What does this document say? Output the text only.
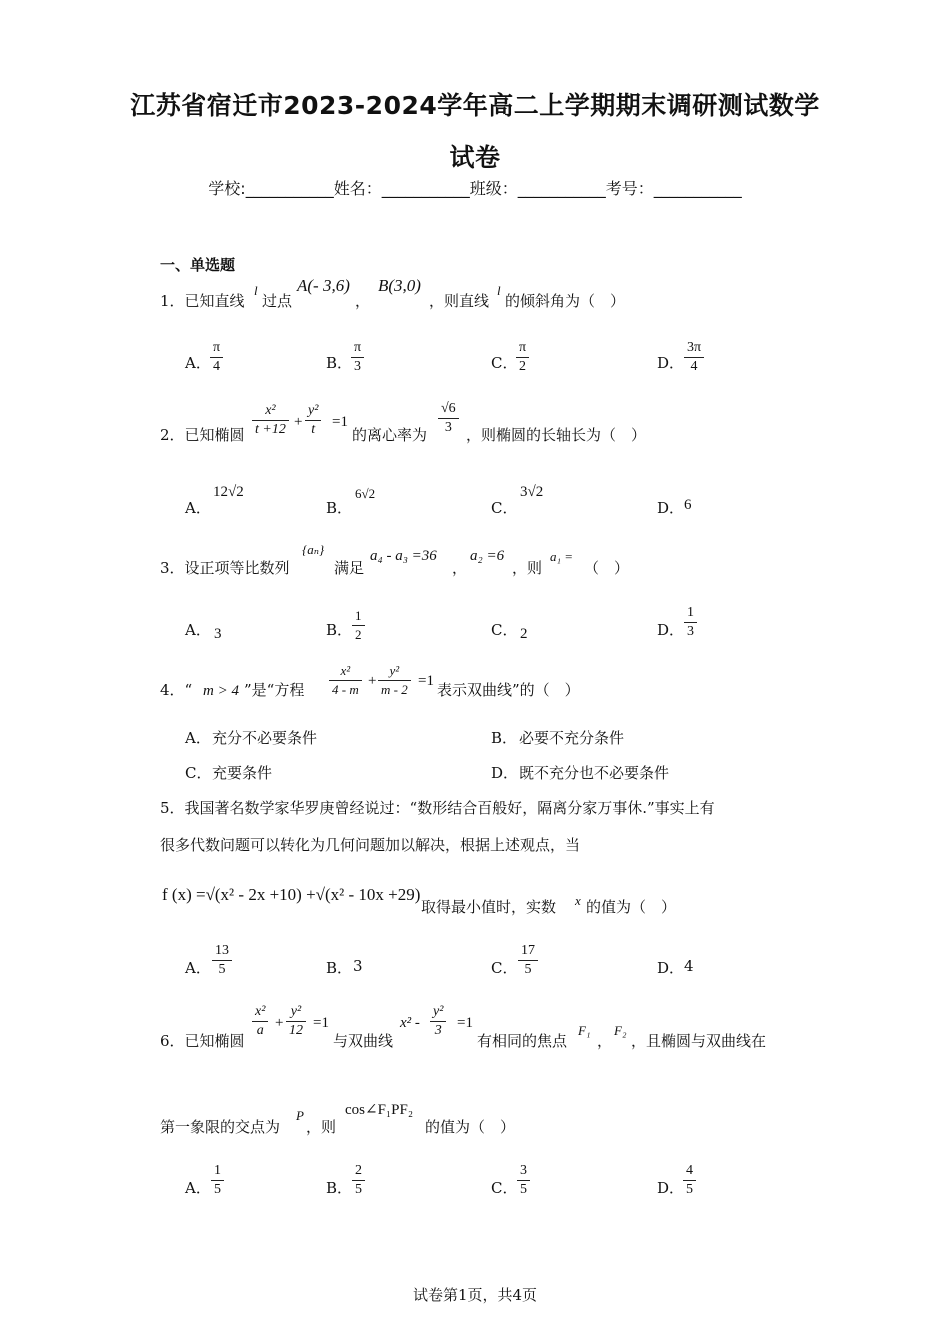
江苏省宿迁市2023-2024学年高二上学期期末调研测试数学
试卷
学校:___________姓名：___________班级：___________考号：___________
一、单选题
1．已知直线
l
过点
A(- 3,6)
，
B(3,0)
，则直线
l
的倾斜角为（　）
A． $\frac{\pi}{4}$	B．
$\frac{\pi}{3}$	C．
$\frac{\pi}{2}$	D． $\frac{3\pi}{4}$
2．已知椭圆 $\frac{\text{x²}}{t +12} + \frac{\text{y²}}{t} =1$
的离心率为 $\frac{√6}{3}$ ，则椭圆的长轴长为（　）
A．
12√2
B．
6√2
C．
3√2
D． 6
3．设正项等比数列
{aₙ}
满足
a₄ - a₃ =36
，
a₂ =6
，则
a₁ =
（　）
A． 3	B． $\frac{1}{2}$	C． 2	D． $\frac{1}{3}$
4．“ m > 4 ”是“方程 $\frac{\text{x²}}{4 - m} + \frac{\text{y²}}{m - 2} =1$ 表示双曲线”的（　）
A． 充分不必要条件	B． 必要不充分条件
C． 充要条件	D． 既不充分也不必要条件
5．我国著名数学家华罗庚曾经说过：“数形结合百般好，隔离分家万事休.”事实上有
很多代数问题可以转化为几何问题加以解决，根据上述观点，当
f (x) =√(x² - 2x +10) +√(x² - 10x +29)
取得最小值时，实数 x 的值为（　）
A． $\frac{13}{5}$	B． 3	C． $\frac{17}{5}$	D． 4
6．已知椭圆
$\frac{\text{x²}}{a} + \frac{\text{y²}}{12} =1$
与双曲线
$x^2 - \frac{\text{y²}}{3} =1$
有相同的焦点
F₁
，
F₂
，且椭圆与双曲线在
第一象限的交点为
P
，则
cos∠F₁PF₂
的值为（　）
A． $\frac{1}{5}$	B． $\frac{2}{5}$	C． $\frac{3}{5}$	D．
$\frac{4}{5}$
试卷第1页，共4页
